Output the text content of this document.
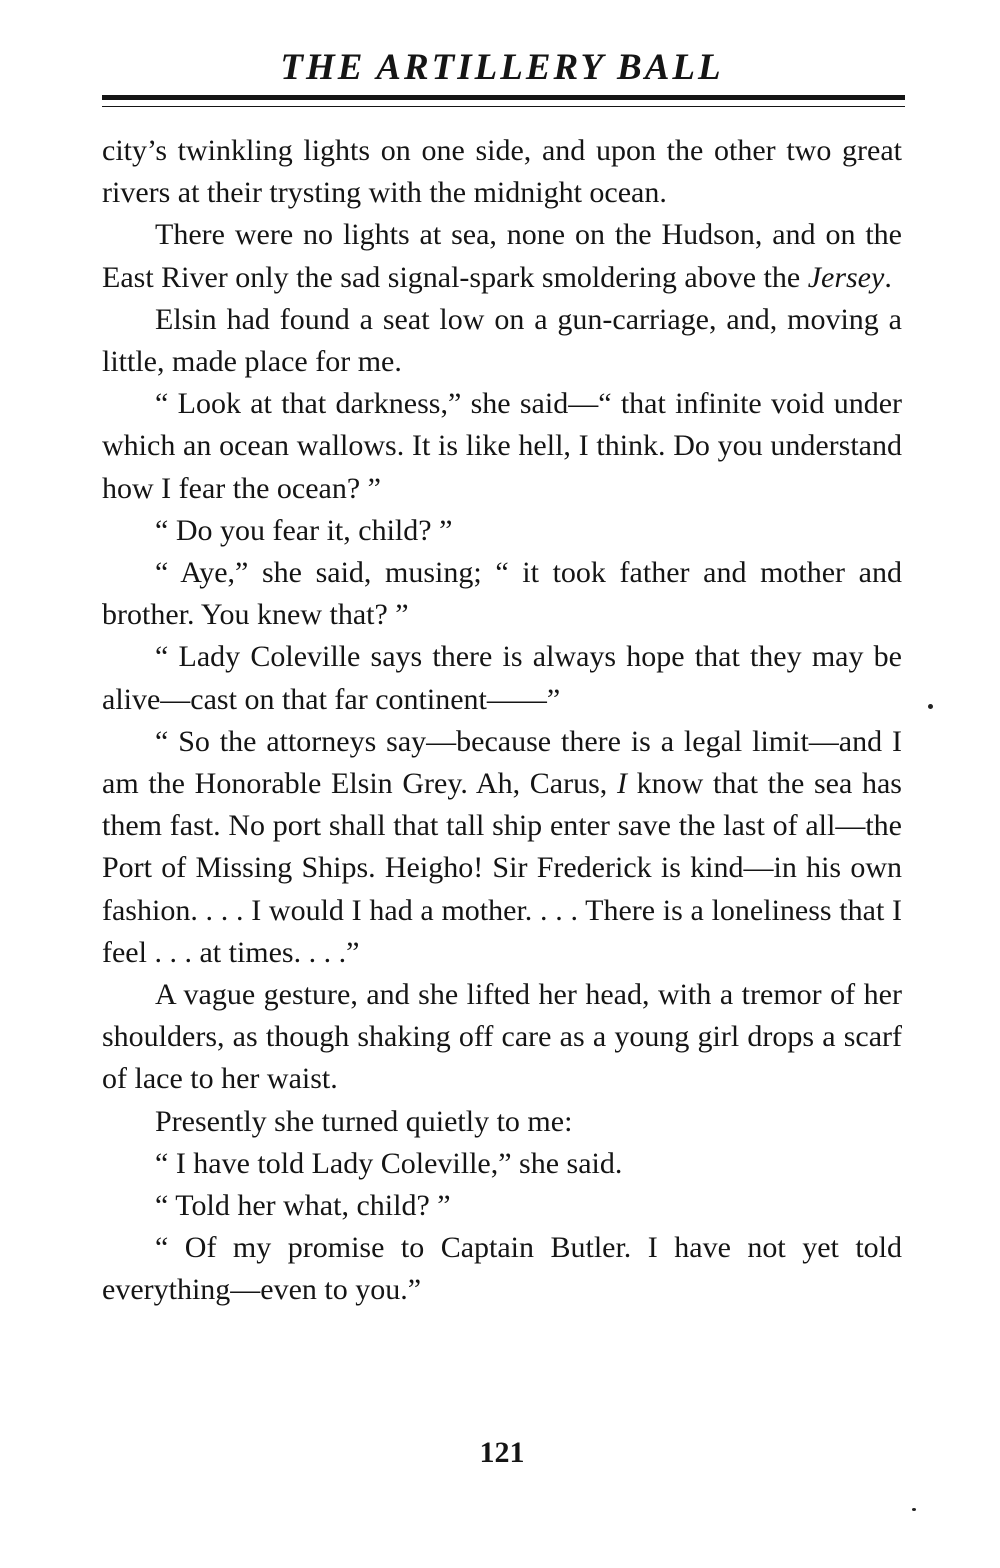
THE ARTILLERY BALL

city’s twinkling lights on one side, and upon the other two great rivers at their trysting with the midnight ocean.

There were no lights at sea, none on the Hudson, and on the East River only the sad signal-spark smoldering above the Jersey.

Elsin had found a seat low on a gun-carriage, and, moving a little, made place for me.

“ Look at that darkness,” she said—“ that infinite void under which an ocean wallows. It is like hell, I think. Do you understand how I fear the ocean? ”

“ Do you fear it, child? ”

“ Aye,” she said, musing; “ it took father and mother and brother. You knew that? ”

“ Lady Coleville says there is always hope that they may be alive—cast on that far continent——”

“ So the attorneys say—because there is a legal limit—and I am the Honorable Elsin Grey. Ah, Carus, I know that the sea has them fast. No port shall that tall ship enter save the last of all—the Port of Missing Ships. Heigho! Sir Frederick is kind—in his own fashion. . . . I would I had a mother. . . . There is a loneliness that I feel . . . at times. . . .”

A vague gesture, and she lifted her head, with a tremor of her shoulders, as though shaking off care as a young girl drops a scarf of lace to her waist.

Presently she turned quietly to me:

“ I have told Lady Coleville,” she said.

“ Told her what, child? ”

“ Of my promise to Captain Butler. I have not yet told everything—even to you.”

121
